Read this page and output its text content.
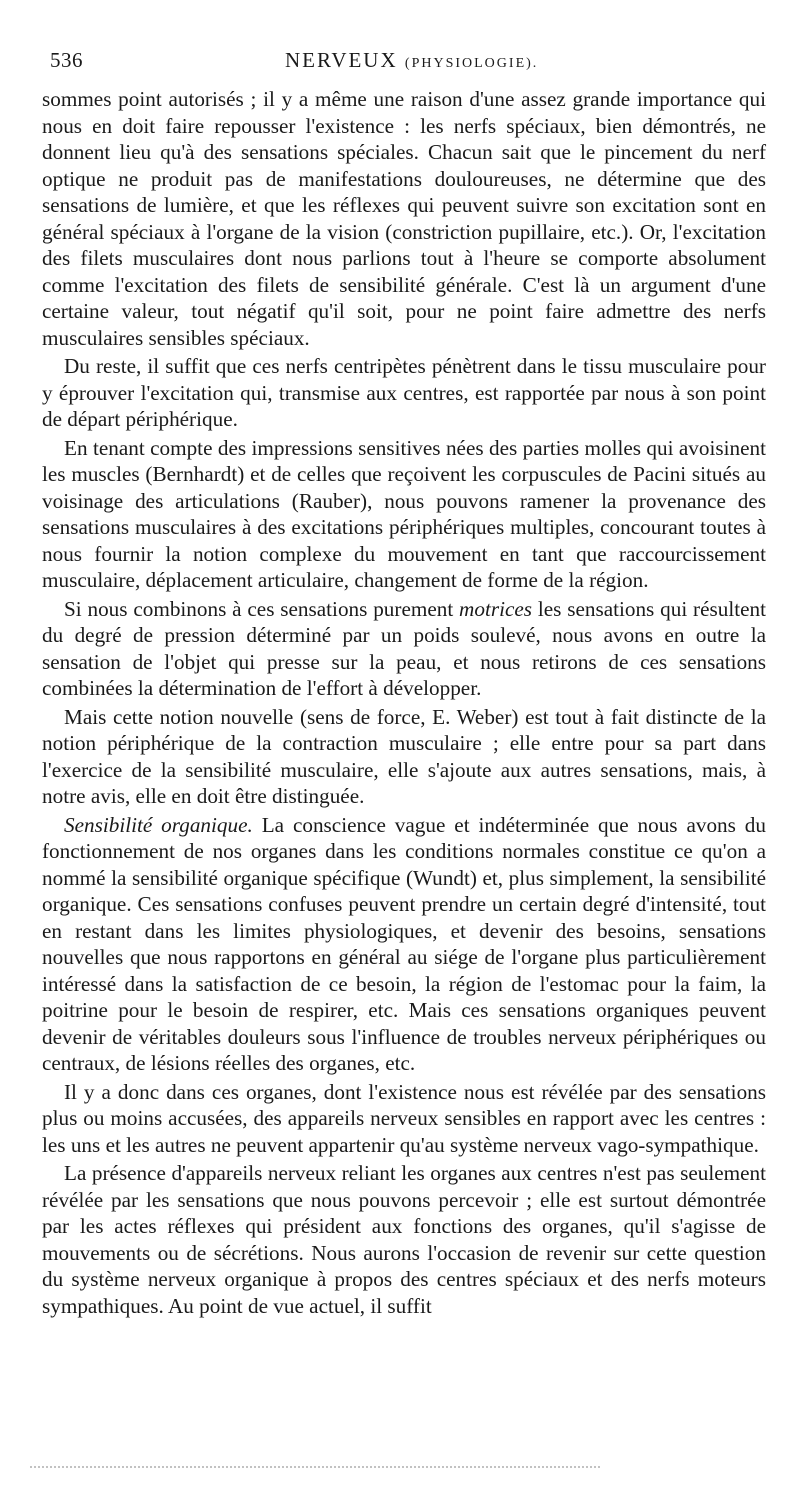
536	NERVEUX (PHYSIOLOGIE).

sommes point autorisés ; il y a même une raison d'une assez grande importance qui nous en doit faire repousser l'existence : les nerfs spéciaux, bien démontrés, ne donnent lieu qu'à des sensations spéciales. Chacun sait que le pincement du nerf optique ne produit pas de manifestations douloureuses, ne détermine que des sensations de lumière, et que les réflexes qui peuvent suivre son excitation sont en général spéciaux à l'organe de la vision (constriction pupillaire, etc.). Or, l'excitation des filets musculaires dont nous parlions tout à l'heure se comporte absolument comme l'excitation des filets de sensibilité générale. C'est là un argument d'une certaine valeur, tout négatif qu'il soit, pour ne point faire admettre des nerfs musculaires sensibles spéciaux.

Du reste, il suffit que ces nerfs centripètes pénètrent dans le tissu musculaire pour y éprouver l'excitation qui, transmise aux centres, est rapportée par nous à son point de départ périphérique.

En tenant compte des impressions sensitives nées des parties molles qui avoisinent les muscles (Bernhardt) et de celles que reçoivent les corpuscules de Pacini situés au voisinage des articulations (Rauber), nous pouvons ramener la provenance des sensations musculaires à des excitations périphériques multiples, concourant toutes à nous fournir la notion complexe du mouvement en tant que raccourcissement musculaire, déplacement articulaire, changement de forme de la région.

Si nous combinons à ces sensations purement motrices les sensations qui résultent du degré de pression déterminé par un poids soulevé, nous avons en outre la sensation de l'objet qui presse sur la peau, et nous retirons de ces sensations combinées la détermination de l'effort à développer.

Mais cette notion nouvelle (sens de force, E. Weber) est tout à fait distincte de la notion périphérique de la contraction musculaire ; elle entre pour sa part dans l'exercice de la sensibilité musculaire, elle s'ajoute aux autres sensations, mais, à notre avis, elle en doit être distinguée.

Sensibilité organique. La conscience vague et indéterminée que nous avons du fonctionnement de nos organes dans les conditions normales constitue ce qu'on a nommé la sensibilité organique spécifique (Wundt) et, plus simplement, la sensibilité organique. Ces sensations confuses peuvent prendre un certain degré d'intensité, tout en restant dans les limites physiologiques, et devenir des besoins, sensations nouvelles que nous rapportons en général au siége de l'organe plus particulièrement intéressé dans la satisfaction de ce besoin, la région de l'estomac pour la faim, la poitrine pour le besoin de respirer, etc. Mais ces sensations organiques peuvent devenir de véritables douleurs sous l'influence de troubles nerveux périphériques ou centraux, de lésions réelles des organes, etc.

Il y a donc dans ces organes, dont l'existence nous est révélée par des sensations plus ou moins accusées, des appareils nerveux sensibles en rapport avec les centres : les uns et les autres ne peuvent appartenir qu'au système nerveux vago-sympathique.

La présence d'appareils nerveux reliant les organes aux centres n'est pas seulement révélée par les sensations que nous pouvons percevoir ; elle est surtout démontrée par les actes réflexes qui président aux fonctions des organes, qu'il s'agisse de mouvements ou de sécrétions. Nous aurons l'occasion de revenir sur cette question du système nerveux organique à propos des centres spéciaux et des nerfs moteurs sympathiques. Au point de vue actuel, il suffit
